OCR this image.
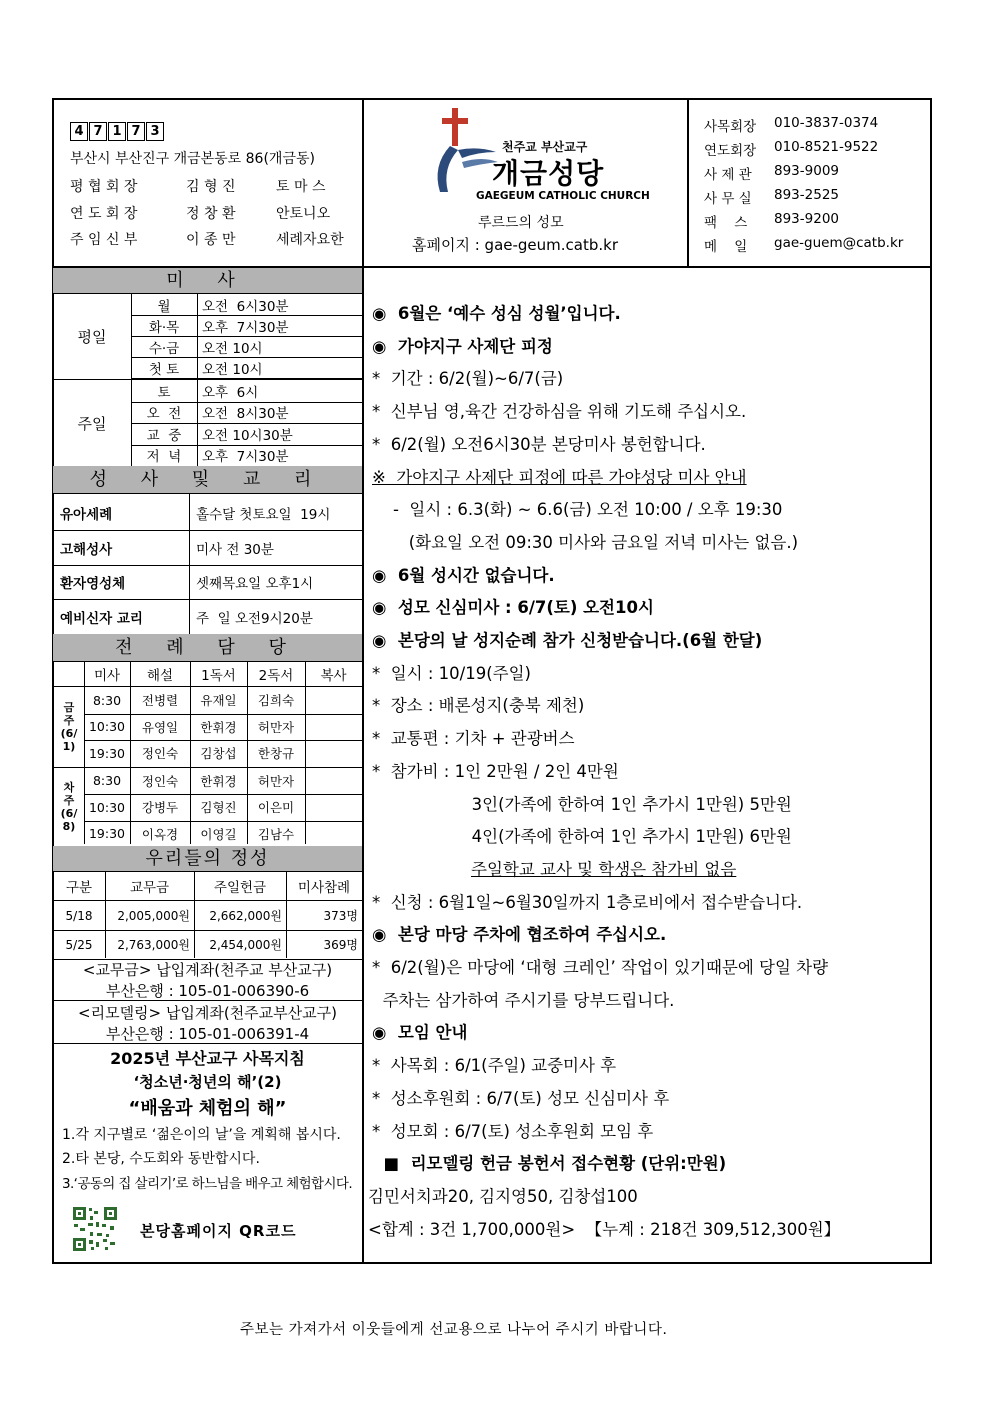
4 7 1 7 3
부산시 부산진구 개금본동로 86(개금동)
평 협 회 장	김 형 진	토 마 스
연 도 회 장	정 창 환	안토니오
주 임 신 부	이 종 만	세례자요한
천주교 부산교구
개금성당
GAEGEUM CATHOLIC CHURCH
루르드의 성모
홈페이지 : gae-geum.catb.kr
사목회장	010-3837-0374
연도회장	010-8521-9522
사 제 관	893-9009
사 무 실	893-2525
팩    스	893-9200
메    일	gae-guem@catb.kr
미 사
평일
주일
월	오전  6시30분
화·목	오후  7시30분
수·금	오전 10시
첫 토	오전 10시
토	오후  6시
오  전	오전  8시30분
교  중	오전 10시30분
저  녁	오후  7시30분
성 사 및 교 리
유아세례	홀수달 첫토요일  19시
고해성사	미사 전 30분
환자영성체	셋째목요일 오후1시
예비신자 교리	주  일 오전9시20분
전 례 담 당
미사	해설	1독서	2독서	복사
금
주
(6/
1)
8:30	전병렬	유재일	김희숙
10:30	유영일	한휘경	허만자
19:30	정인숙	김창섭	한창규
차
주
(6/
8)
8:30	정인숙	한휘경	허만자
10:30	강병두	김형진	이은미
19:30	이옥경	이영길	김남수
우리들의 정성
구분	교무금	주일헌금	미사참례
5/18	2,005,000원	2,662,000원	373명
5/25	2,763,000원	2,454,000원	369명
<교무금> 납입계좌(천주교 부산교구)
부산은행 : 105-01-006390-6
<리모델링> 납입계좌(천주교부산교구)
부산은행 : 105-01-006391-4
2025년 부산교구 사목지침
‘청소년·청년의 해’(2)
“배움과 체험의 해”
1.각 지구별로 ‘젊은이의 날’을 계획해 봅시다.
2.타 본당, 수도회와 동반합시다.
3.‘공동의 집 살리기’로 하느님을 배우고 체험합시다.
본당홈페이지 QR코드
◉  6월은 ‘예수 성심 성월’입니다.
◉  가야지구 사제단 피정
*  기간 : 6/2(월)~6/7(금)
*  신부님 영,육간 건강하심을 위해 기도해 주십시오.
*  6/2(월) 오전6시30분 본당미사 봉헌합니다.
※  가야지구 사제단 피정에 따른 가야성당 미사 안내
-  일시 : 6.3(화) ~ 6.6(금) 오전 10:00 / 오후 19:30
(화요일 오전 09:30 미사와 금요일 저녁 미사는 없음.)
◉  6월 성시간 없습니다.
◉  성모 신심미사 : 6/7(토) 오전10시
◉  본당의 날 성지순례 참가 신청받습니다.(6월 한달)
*  일시 : 10/19(주일)
*  장소 : 배론성지(충북 제천)
*  교통편 : 기차 + 관광버스
*  참가비 : 1인 2만원 / 2인 4만원
3인(가족에 한하여 1인 추가시 1만원) 5만원
4인(가족에 한하여 1인 추가시 1만원) 6만원
주일학교 교사 및 학생은 참가비 없음
*  신청 : 6월1일~6월30일까지 1층로비에서 접수받습니다.
◉  본당 마당 주차에 협조하여 주십시오.
*  6/2(월)은 마당에 ‘대형 크레인’ 작업이 있기때문에 당일 차량
주차는 삼가하여 주시기를 당부드립니다.
◉  모임 안내
*  사목회 : 6/1(주일) 교중미사 후
*  성소후원회 : 6/7(토) 성모 신심미사 후
*  성모회 : 6/7(토) 성소후원회 모임 후
■  리모델링 헌금 봉헌서 접수현황 (단위:만원)
김민서치과20, 김지영50, 김창섭100
<합계 : 3건 1,700,000원>  【누계 : 218건 309,512,300원】
주보는 가져가서 이웃들에게 선교용으로 나누어 주시기 바랍니다.
